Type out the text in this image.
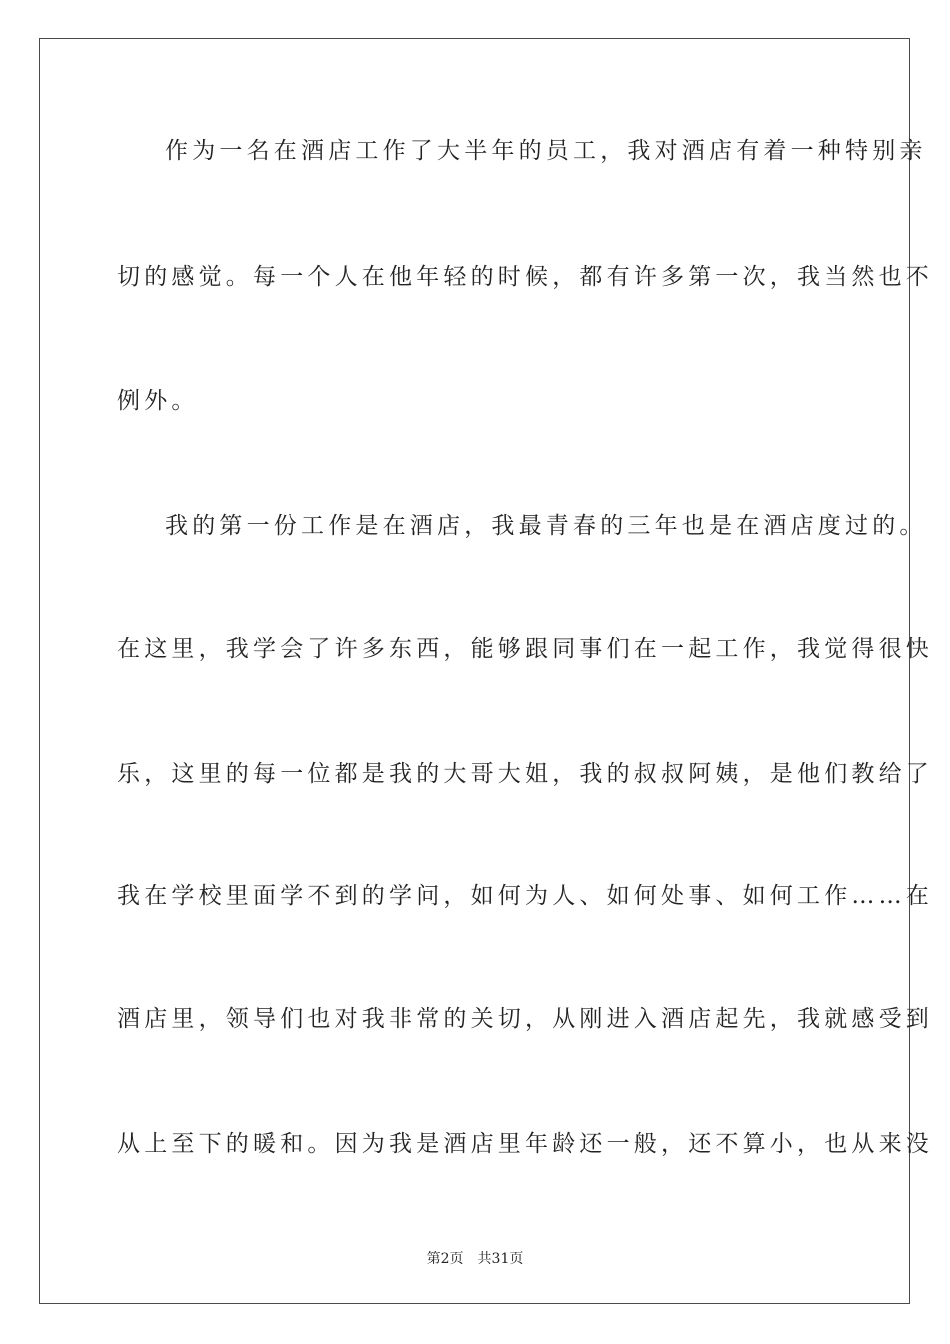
作为一名在酒店工作了大半年的员工，我对酒店有着一种特别亲
切的感觉。每一个人在他年轻的时候，都有许多第一次，我当然也不
例外。
我的第一份工作是在酒店，我最青春的三年也是在酒店度过的。
在这里，我学会了许多东西，能够跟同事们在一起工作，我觉得很快
乐，这里的每一位都是我的大哥大姐，我的叔叔阿姨，是他们教给了
我在学校里面学不到的学问，如何为人、如何处事、如何工作……在
酒店里，领导们也对我非常的关切，从刚进入酒店起先，我就感受到
从上至下的暖和。因为我是酒店里年龄还一般，还不算小，也从来没
第2页 共31页
